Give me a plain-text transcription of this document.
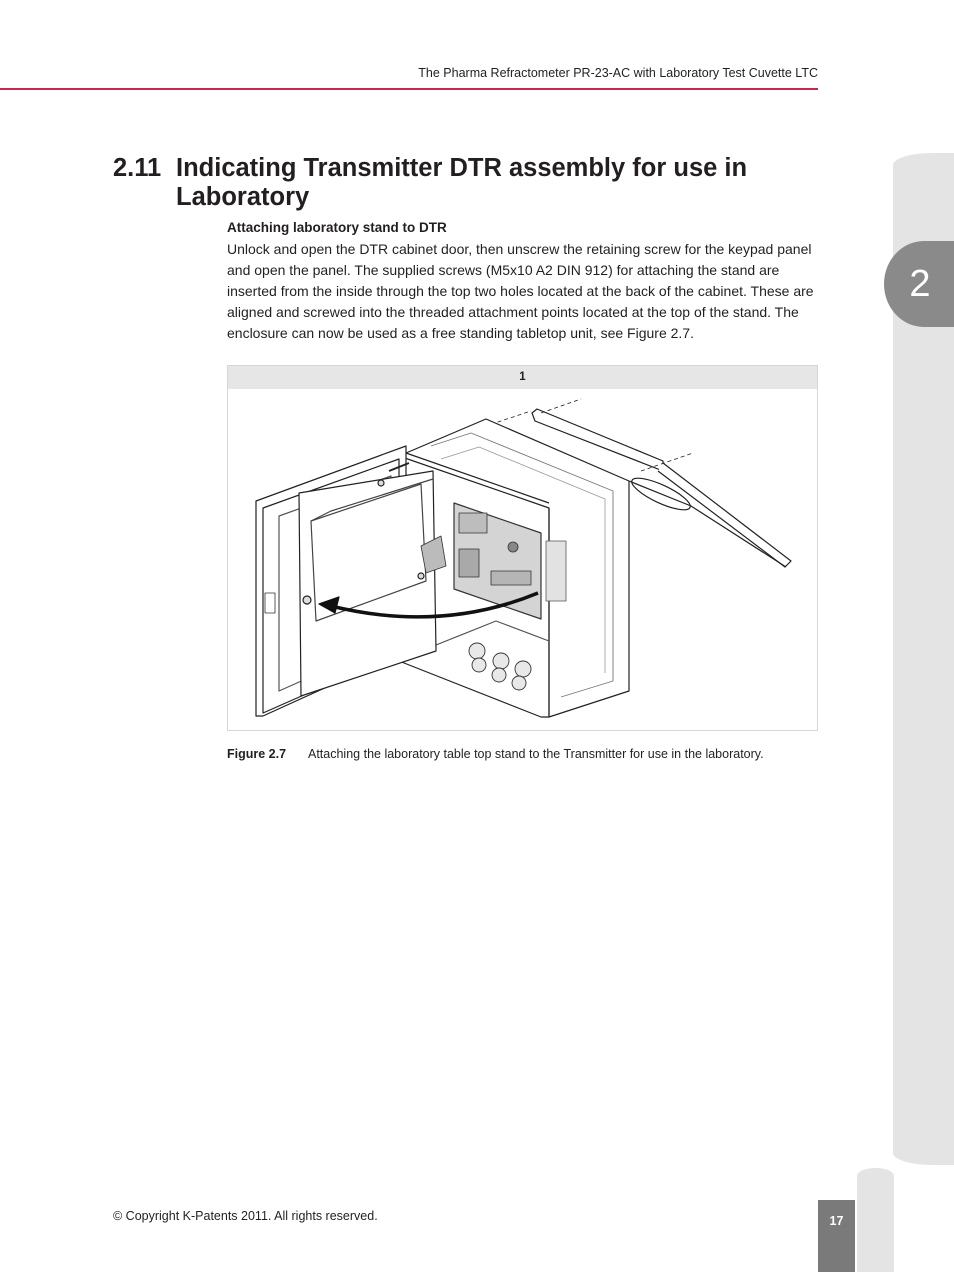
The Pharma Refractometer PR-23-AC with Laboratory Test Cuvette LTC
2
2.11 Indicating Transmitter DTR assembly for use in Laboratory
Attaching laboratory stand to DTR

Unlock and open the DTR cabinet door, then unscrew the retaining screw for the keypad panel and open the panel. The supplied screws (M5x10 A2 DIN 912) for attaching the stand are inserted from the inside through the top two holes located at the back of the cabinet. These are aligned and screwed into the threaded attachment points located at the top of the stand. The enclosure can now be used as a free standing tabletop unit, see Figure 2.7.

1
Figure 2.7	Attaching the laboratory table top stand to the Transmitter for use in the laboratory.
© Copyright K-Patents 2011. All rights reserved.	17
